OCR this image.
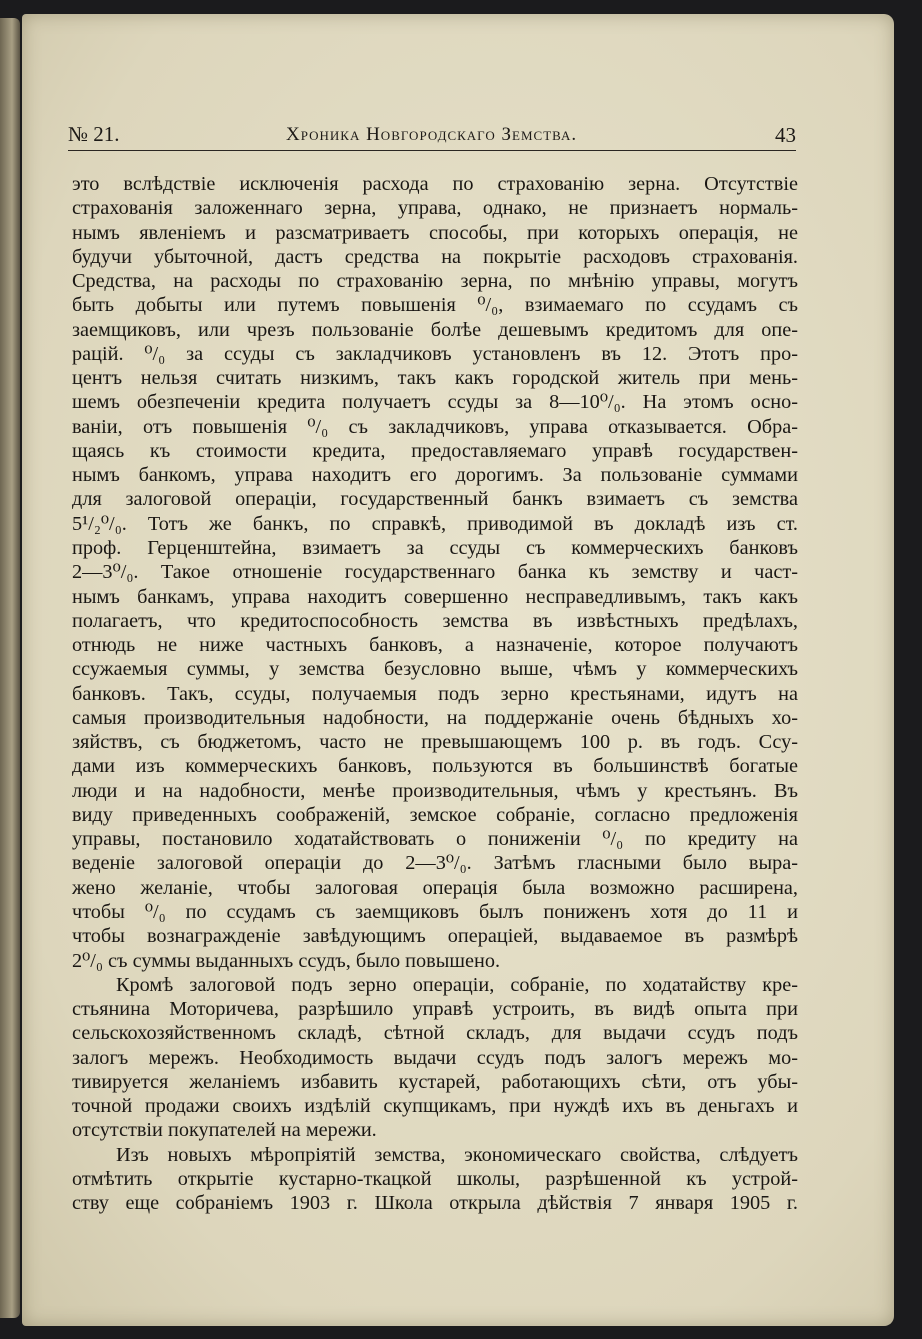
№ 21.	Хроника Новгородскаго Земства.	43
это вслѣдствіе исключенія расхода по страхованію зерна. Отсутствіе
страхованія заложеннаго зерна, управа, однако, не признаетъ нормаль-
нымъ явленіемъ и разсматриваетъ способы, при которыхъ операція, не
будучи убыточной, дастъ средства на покрытіе расходовъ страхованія.
Средства, на расходы по страхованію зерна, по мнѣнію управы, могутъ
быть добыты или путемъ повышенія ⁰/₀, взимаемаго по ссудамъ съ
заемщиковъ, или чрезъ пользованіе болѣе дешевымъ кредитомъ для опе-
рацій. ⁰/₀ за ссуды съ закладчиковъ установленъ въ 12. Этотъ про-
центъ нельзя считать низкимъ, такъ какъ городской житель при мень-
шемъ обезпеченіи кредита получаетъ ссуды за 8—10⁰/₀. На этомъ осно-
ваніи, отъ повышенія ⁰/₀ съ закладчиковъ, управа отказывается. Обра-
щаясь къ стоимости кредита, предоставляемаго управѣ государствен-
нымъ банкомъ, управа находитъ его дорогимъ. За пользованіе суммами
для залоговой операціи, государственный банкъ взимаетъ съ земства
5¹/₂⁰/₀. Тотъ же банкъ, по справкѣ, приводимой въ докладѣ изъ ст.
проф. Герценштейна, взимаетъ за ссуды съ коммерческихъ банковъ
2—3⁰/₀. Такое отношеніе государственнаго банка къ земству и част-
нымъ банкамъ, управа находитъ совершенно несправедливымъ, такъ какъ
полагаетъ, что кредитоспособность земства въ извѣстныхъ предѣлахъ,
отнюдь не ниже частныхъ банковъ, а назначеніе, которое получаютъ
ссужаемыя суммы, у земства безусловно выше, чѣмъ у коммерческихъ
банковъ. Такъ, ссуды, получаемыя подъ зерно крестьянами, идутъ на
самыя производительныя надобности, на поддержаніе очень бѣдныхъ хо-
зяйствъ, съ бюджетомъ, часто не превышающемъ 100 р. въ годъ. Ссу-
дами изъ коммерческихъ банковъ, пользуются въ большинствѣ богатые
люди и на надобности, менѣе производительныя, чѣмъ у крестьянъ. Въ
виду приведенныхъ соображеній, земское собраніе, согласно предложенія
управы, постановило ходатайствовать о пониженіи ⁰/₀ по кредиту на
веденіе залоговой операціи до 2—3⁰/₀. Затѣмъ гласными было выра-
жено желаніе, чтобы залоговая операція была возможно расширена,
чтобы ⁰/₀ по ссудамъ съ заемщиковъ былъ пониженъ хотя до 11 и
чтобы вознагражденіе завѣдующимъ операціей, выдаваемое въ размѣрѣ
2⁰/₀ съ суммы выданныхъ ссудъ, было повышено.
Кромѣ залоговой подъ зерно операціи, собраніе, по ходатайству кре-
стьянина Моторичева, разрѣшило управѣ устроить, въ видѣ опыта при
сельскохозяйственномъ складѣ, сѣтной складъ, для выдачи ссудъ подъ
залогъ мережъ. Необходимость выдачи ссудъ подъ залогъ мережъ мо-
тивируется желаніемъ избавить кустарей, работающихъ сѣти, отъ убы-
точной продажи своихъ издѣлій скупщикамъ, при нуждѣ ихъ въ деньгахъ и
отсутствіи покупателей на мережи.
Изъ новыхъ мѣропріятій земства, экономическаго свойства, слѣдуетъ
отмѣтить открытіе кустарно-ткацкой школы, разрѣшенной къ устрой-
ству еще собраніемъ 1903 г. Школа открыла дѣйствія 7 января 1905 г.
